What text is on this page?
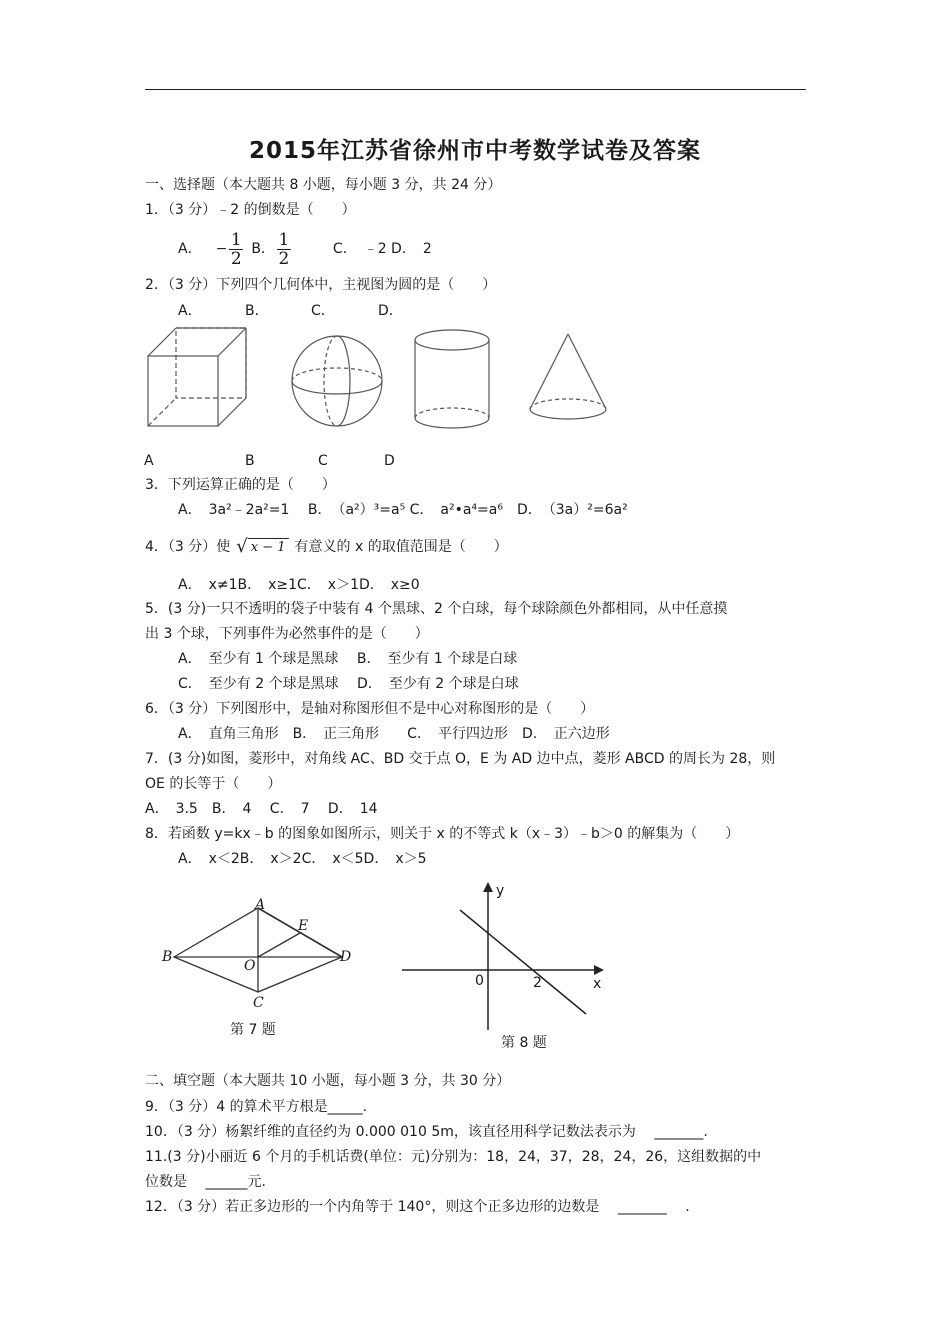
2015年江苏省徐州市中考数学试卷及答案
一、选择题（本大题共 8 小题，每小题 3 分，共 24 分）
1．（3 分）﹣2 的倒数是（　　）
A． − $\frac{1}{2}$ B． $\frac{1}{2}$	C．　﹣2 D．　2
2．（3 分）下列四个几何体中，主视图为圆的是（　　）
A．	B．	C．	D．
A	B	C	D
3．下列运算正确的是（　　）
A．　3a²﹣2a²=1　 B．　（a²）³=a⁵ C．　a²•a⁴=a⁶　D．　（3a）²=6a²
4．（3 分）使 √ x − 1 有意义的 x 的取值范围是（　　）
A．　x≠1B．　x≥1C．　x＞1D．　x≥0
5．(3 分)一只不透明的袋子中装有 4 个黑球、2 个白球，每个球除颜色外都相同，从中任意摸
出 3 个球，下列事件为必然事件的是（　　）
A．　至少有 1 个球是黑球　 B．　至少有 1 个球是白球
C．　至少有 2 个球是黑球　 D．　至少有 2 个球是白球
6．（3 分）下列图形中，是轴对称图形但不是中心对称图形的是（　　）
A．　直角三角形　B．　正三角形　　C．　平行四边形　D．　正六边形
7．(3 分)如图，菱形中，对角线 AC、BD 交于点 O，E 为 AD 边中点，菱形 ABCD 的周长为 28，则
OE 的长等于（　　）
A．　3.5　B．　4　 C．　7　 D．　14
8．若函数 y=kx﹣b 的图象如图所示，则关于 x 的不等式 k（x﹣3）﹣b＞0 的解集为（　　）
A．　x＜2B．　x＞2C．　x＜5D．　x＞5
A
B
C
D
E
O
第 7 题
y
x
0	2
第 8 题
二、填空题（本大题共 10 小题，每小题 3 分，共 30 分）
9．（3 分）4 的算术平方根是_____.
10．（3 分）杨絮纤维的直径约为 0.000 010 5m，该直径用科学记数法表示为　 _______.
11.(3 分)小丽近 6 个月的手机话费(单位：元)分别为：18，24，37，28，24，26，这组数据的中
位数是　 ______元.
12．（3 分）若正多边形的一个内角等于 140°，则这个正多边形的边数是　 _______　 .
